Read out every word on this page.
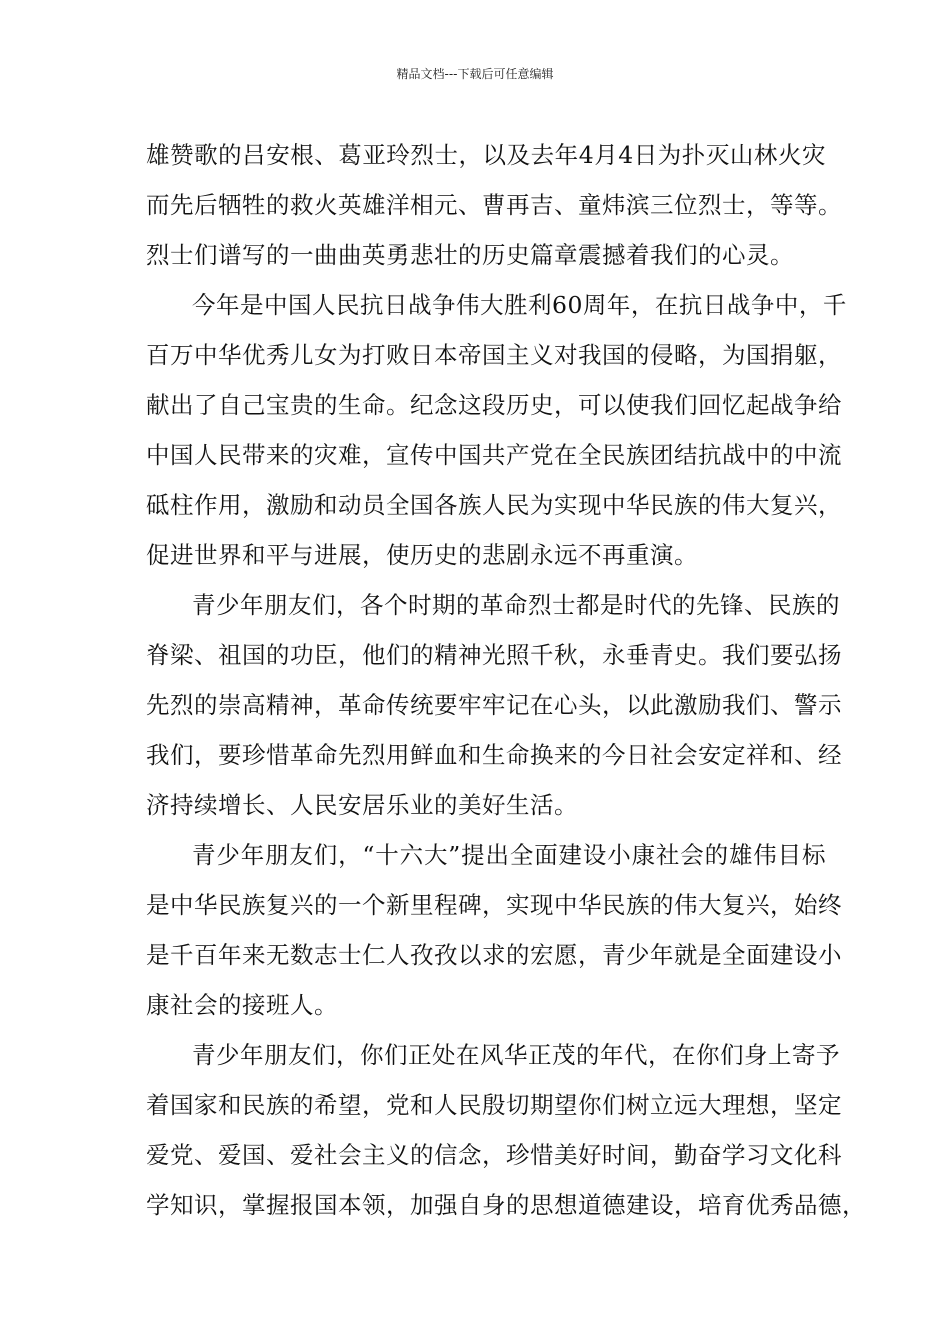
精品文档---下载后可任意编辑
雄赞歌的吕安根、葛亚玲烈士，以及去年4月4日为扑灭山林火灾
而先后牺牲的救火英雄洋相元、曹再吉、童炜滨三位烈士，等等。
烈士们谱写的一曲曲英勇悲壮的历史篇章震撼着我们的心灵。
今年是中国人民抗日战争伟大胜利60周年，在抗日战争中，千
百万中华优秀儿女为打败日本帝国主义对我国的侵略，为国捐躯，
献出了自己宝贵的生命。纪念这段历史，可以使我们回忆起战争给
中国人民带来的灾难，宣传中国共产党在全民族团结抗战中的中流
砥柱作用，激励和动员全国各族人民为实现中华民族的伟大复兴，
促进世界和平与进展，使历史的悲剧永远不再重演。
青少年朋友们，各个时期的革命烈士都是时代的先锋、民族的
脊梁、祖国的功臣，他们的精神光照千秋，永垂青史。我们要弘扬
先烈的崇高精神，革命传统要牢牢记在心头，以此激励我们、警示
我们，要珍惜革命先烈用鲜血和生命换来的今日社会安定祥和、经
济持续增长、人民安居乐业的美好生活。
青少年朋友们，“十六大”提出全面建设小康社会的雄伟目标
是中华民族复兴的一个新里程碑，实现中华民族的伟大复兴，始终
是千百年来无数志士仁人孜孜以求的宏愿，青少年就是全面建设小
康社会的接班人。
青少年朋友们，你们正处在风华正茂的年代，在你们身上寄予
着国家和民族的希望，党和人民殷切期望你们树立远大理想，坚定
爱党、爱国、爱社会主义的信念，珍惜美好时间，勤奋学习文化科
学知识，掌握报国本领，加强自身的思想道德建设，培育优秀品德，
